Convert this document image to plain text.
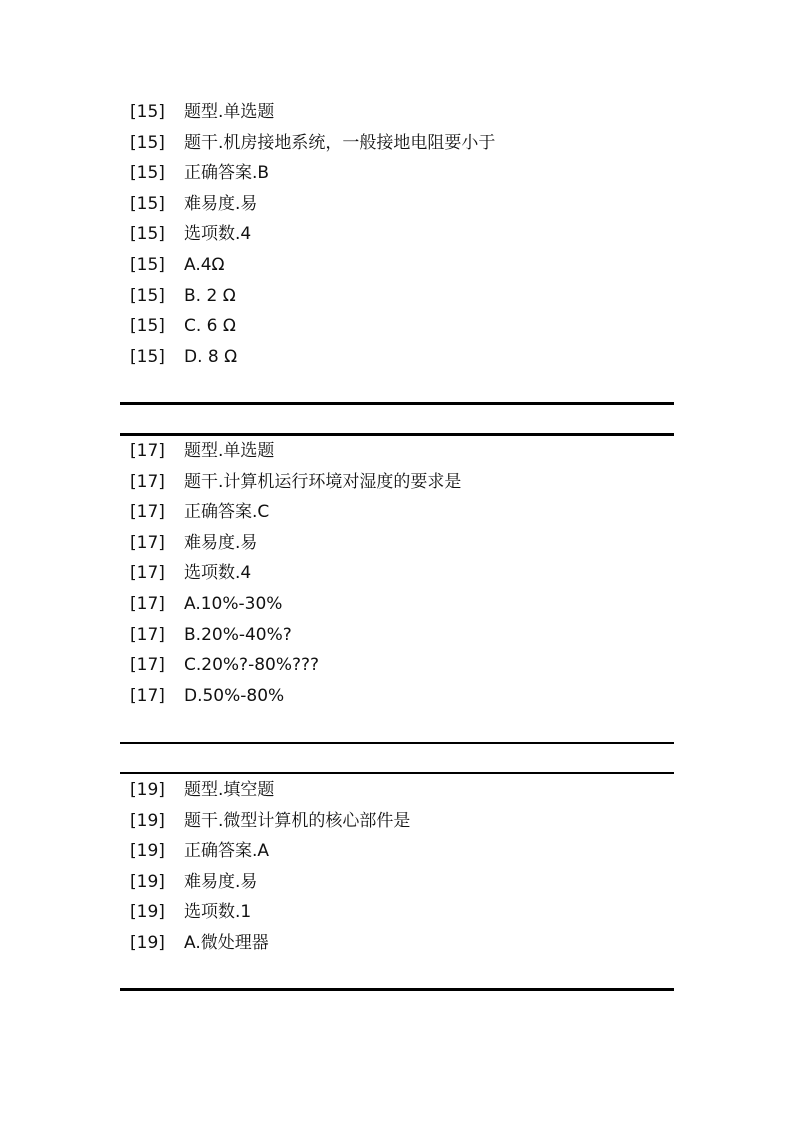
[15] 题型.单选题
[15] 题干.机房接地系统，一般接地电阻要小于
[15] 正确答案.B
[15] 难易度.易
[15] 选项数.4
[15] A.4Ω
[15] B. 2 Ω
[15] C. 6 Ω
[15] D. 8 Ω
[17] 题型.单选题
[17] 题干.计算机运行环境对湿度的要求是
[17] 正确答案.C
[17] 难易度.易
[17] 选项数.4
[17] A.10%-30%
[17] B.20%-40%?
[17] C.20%?-80%???
[17] D.50%-80%
[19] 题型.填空题
[19] 题干.微型计算机的核心部件是
[19] 正确答案.A
[19] 难易度.易
[19] 选项数.1
[19] A.微处理器
